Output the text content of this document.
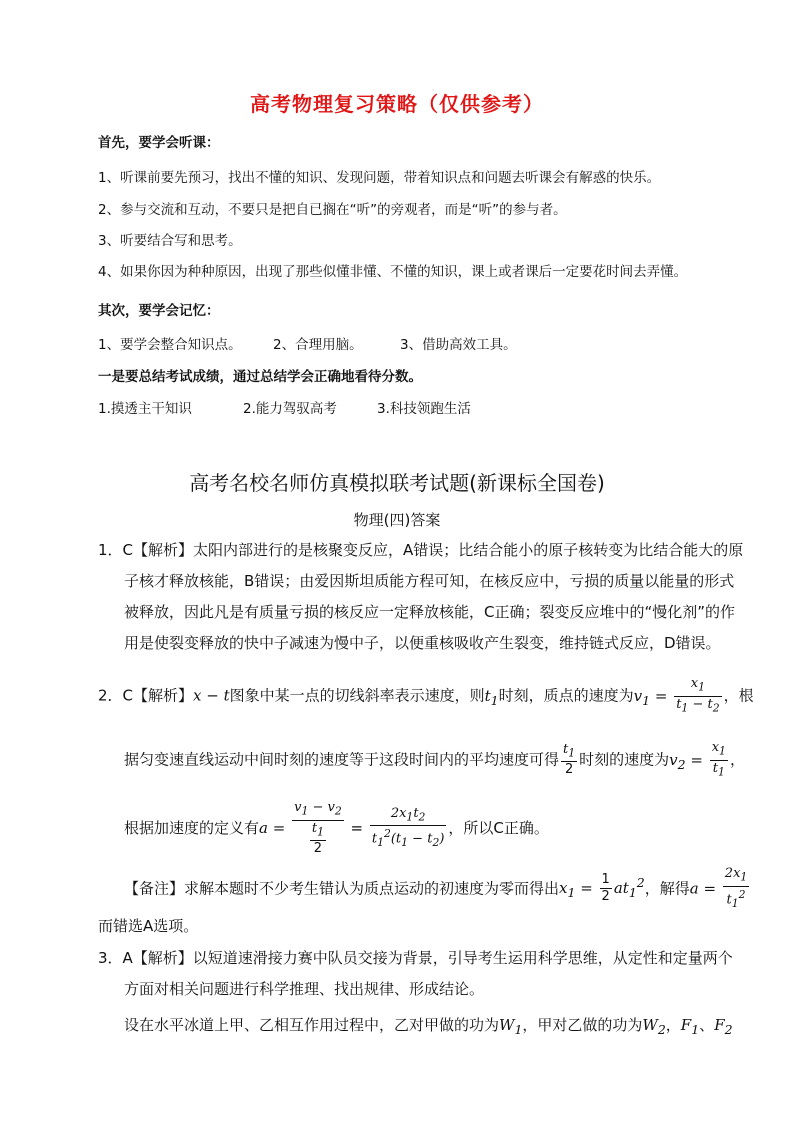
高考物理复习策略（仅供参考）
首先，要学会听课：
1、听课前要先预习，找出不懂的知识、发现问题，带着知识点和问题去听课会有解惑的快乐。
2、参与交流和互动，不要只是把自已搁在“听”的旁观者，而是“听”的参与者。
3、听要结合写和思考。
4、如果你因为种种原因，出现了那些似懂非懂、不懂的知识，课上或者课后一定要花时间去弄懂。
其次，要学会记忆：
1、要学会整合知识点。 2、合理用脑。	3、借助高效工具。
一是要总结考试成绩，通过总结学会正确地看待分数。
1.摸透主干知识	2.能力驾驭高考	3.科技领跑生活
高考名校名师仿真模拟联考试题(新课标全国卷)
物理(四)答案
1．C【解析】太阳内部进行的是核聚变反应，A错误；比结合能小的原子核转变为比结合能大的原
子核才释放核能，B错误；由爱因斯坦质能方程可知，在核反应中，亏损的质量以能量的形式
被释放，因此凡是有质量亏损的核反应一定释放核能，C正确；裂变反应堆中的“慢化剂”的作
用是使裂变释放的快中子减速为慢中子，以便重核吸收产生裂变，维持链式反应，D错误。
2．C【解析】x − t图象中某一点的切线斜率表示速度，则$t_1$时刻，质点的速度为$v_1 = \frac{x_1}{t_1 - t_2}$ ，根
据匀变速直线运动中间时刻的速度等于这段时间内的平均速度可得 $\frac{t_1}{2}$ 时刻的速度为$v_2 = \frac{x_1}{t_1}$ ，
根据加速度的定义有$a = \frac{v_1 - v_2}{\frac{t_1}{2}} = \frac{2x_1t_2}{t_1^2(t_1 - t_2)}$ ，所以C正确。
【备注】求解本题时不少考生错认为质点运动的初速度为零而得出$x_1 = \frac{1}{2} at_1^2$，解得$a = \frac{2x_1}{t_1^2}$
而错选A选项。
3．A【解析】以短道速滑接力赛中队员交接为背景，引导考生运用科学思维，从定性和定量两个
方面对相关问题进行科学推理、找出规律、形成结论。
设在水平冰道上甲、乙相互作用过程中，乙对甲做的功为$W_1$，甲对乙做的功为$W_2$，$F_1$、$F_2$
